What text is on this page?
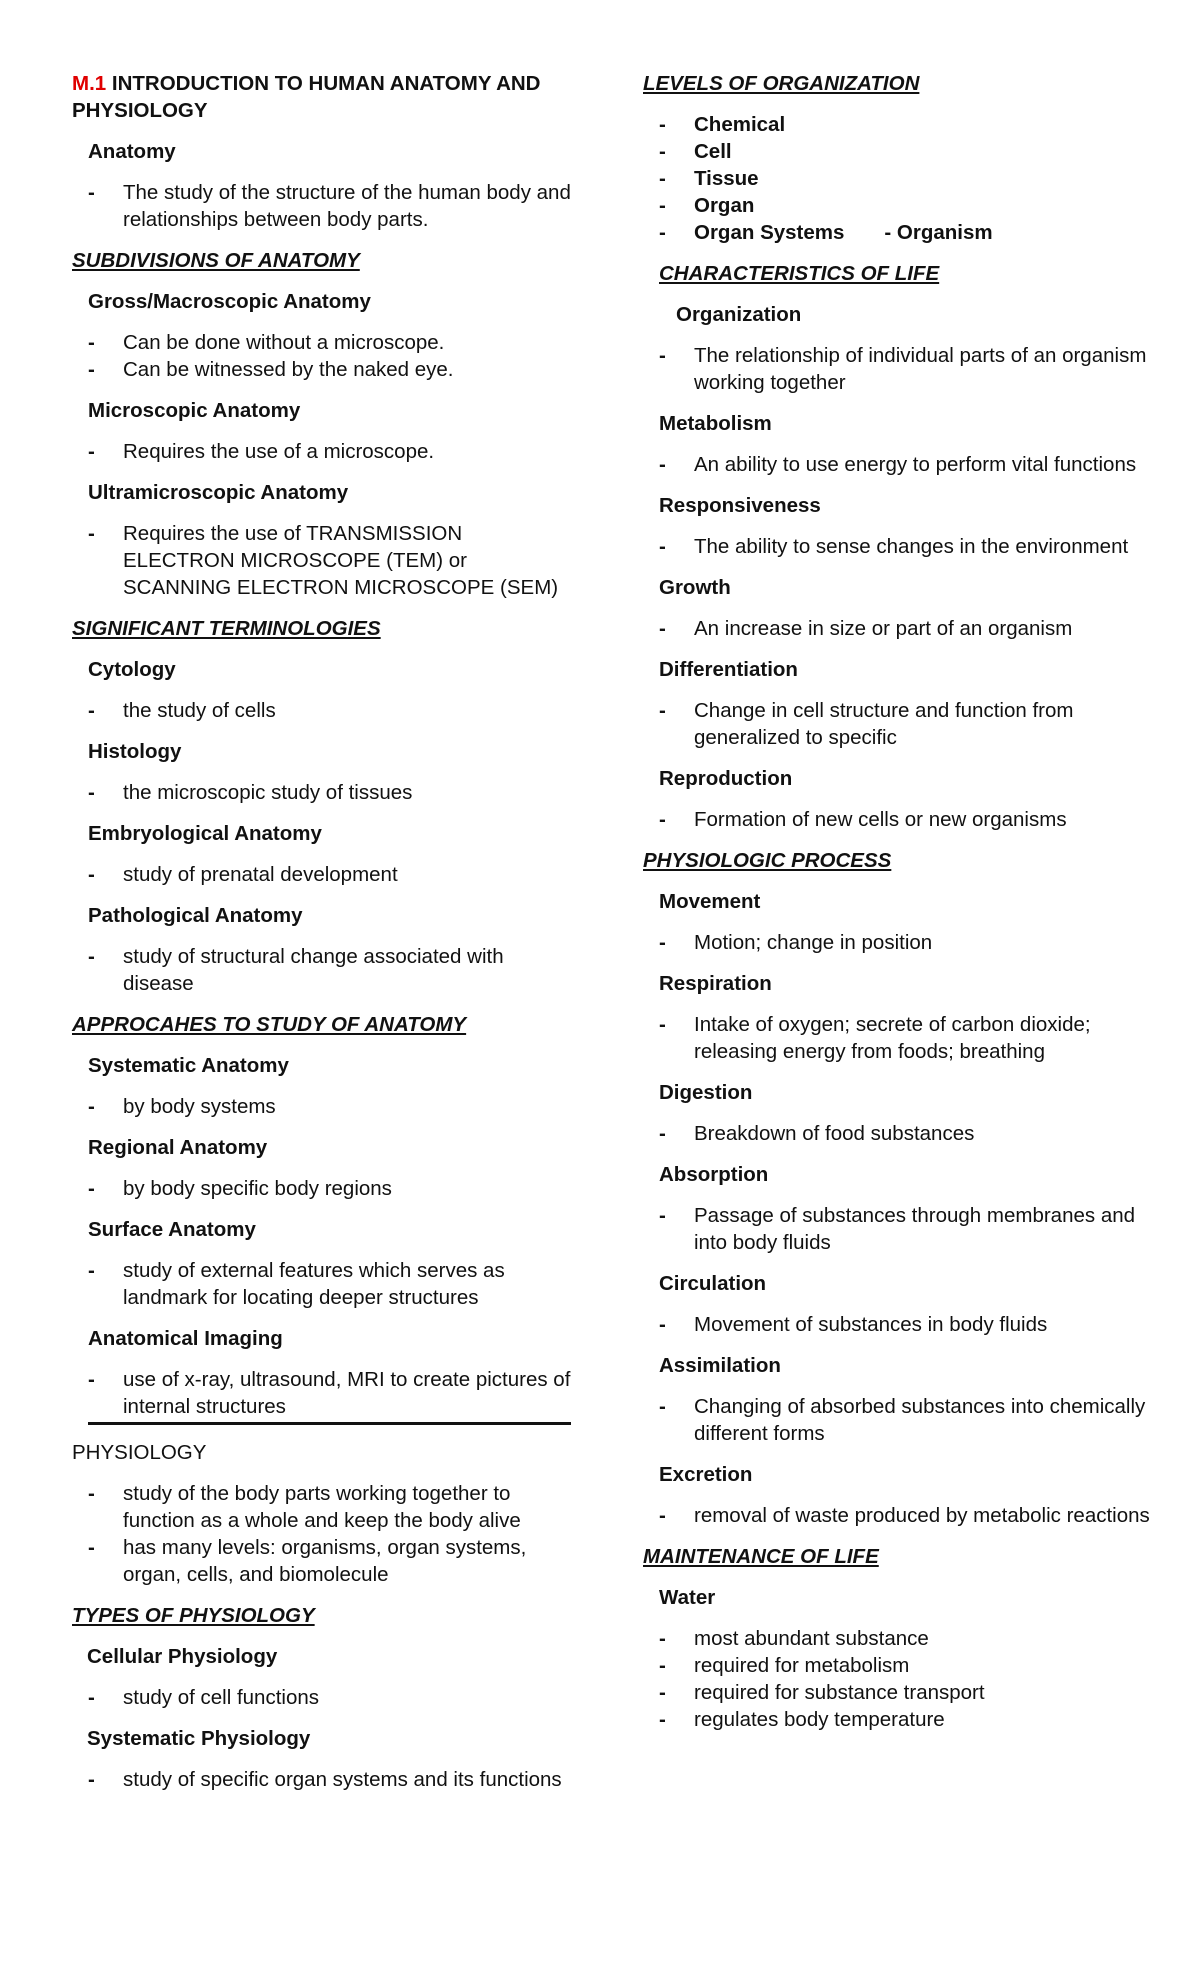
M.1 INTRODUCTION TO HUMAN ANATOMY AND PHYSIOLOGY
Anatomy
- The study of the structure of the human body and relationships between body parts.
SUBDIVISIONS OF ANATOMY
Gross/Macroscopic Anatomy
- Can be done without a microscope.
- Can be witnessed by the naked eye.
Microscopic Anatomy
- Requires the use of a microscope.
Ultramicroscopic Anatomy
- Requires the use of TRANSMISSION ELECTRON MICROSCOPE (TEM) or SCANNING ELECTRON MICROSCOPE (SEM)
SIGNIFICANT TERMINOLOGIES
Cytology
- the study of cells
Histology
- the microscopic study of tissues
Embryological Anatomy
- study of prenatal development
Pathological Anatomy
- study of structural change associated with disease
APPROCAHES TO STUDY OF ANATOMY
Systematic Anatomy
- by body systems
Regional Anatomy
- by body specific body regions
Surface Anatomy
- study of external features which serves as landmark for locating deeper structures
Anatomical Imaging
- use of x-ray, ultrasound, MRI to create pictures of internal structures
PHYSIOLOGY
- study of the body parts working together to function as a whole and keep the body alive
- has many levels: organisms, organ systems, organ, cells, and biomolecule
TYPES OF PHYSIOLOGY
Cellular Physiology
- study of cell functions
Systematic Physiology
- study of specific organ systems and its functions
LEVELS OF ORGANIZATION
- Chemical
- Cell
- Tissue
- Organ
- Organ Systems - Organism
CHARACTERISTICS OF LIFE
Organization
- The relationship of individual parts of an organism working together
Metabolism
- An ability to use energy to perform vital functions
Responsiveness
- The ability to sense changes in the environment
Growth
- An increase in size or part of an organism
Differentiation
- Change in cell structure and function from generalized to specific
Reproduction
- Formation of new cells or new organisms
PHYSIOLOGIC PROCESS
Movement
- Motion; change in position
Respiration
- Intake of oxygen; secrete of carbon dioxide; releasing energy from foods; breathing
Digestion
- Breakdown of food substances
Absorption
- Passage of substances through membranes and into body fluids
Circulation
- Movement of substances in body fluids
Assimilation
- Changing of absorbed substances into chemically different forms
Excretion
- removal of waste produced by metabolic reactions
MAINTENANCE OF LIFE
Water
- most abundant substance
- required for metabolism
- required for substance transport
- regulates body temperature
